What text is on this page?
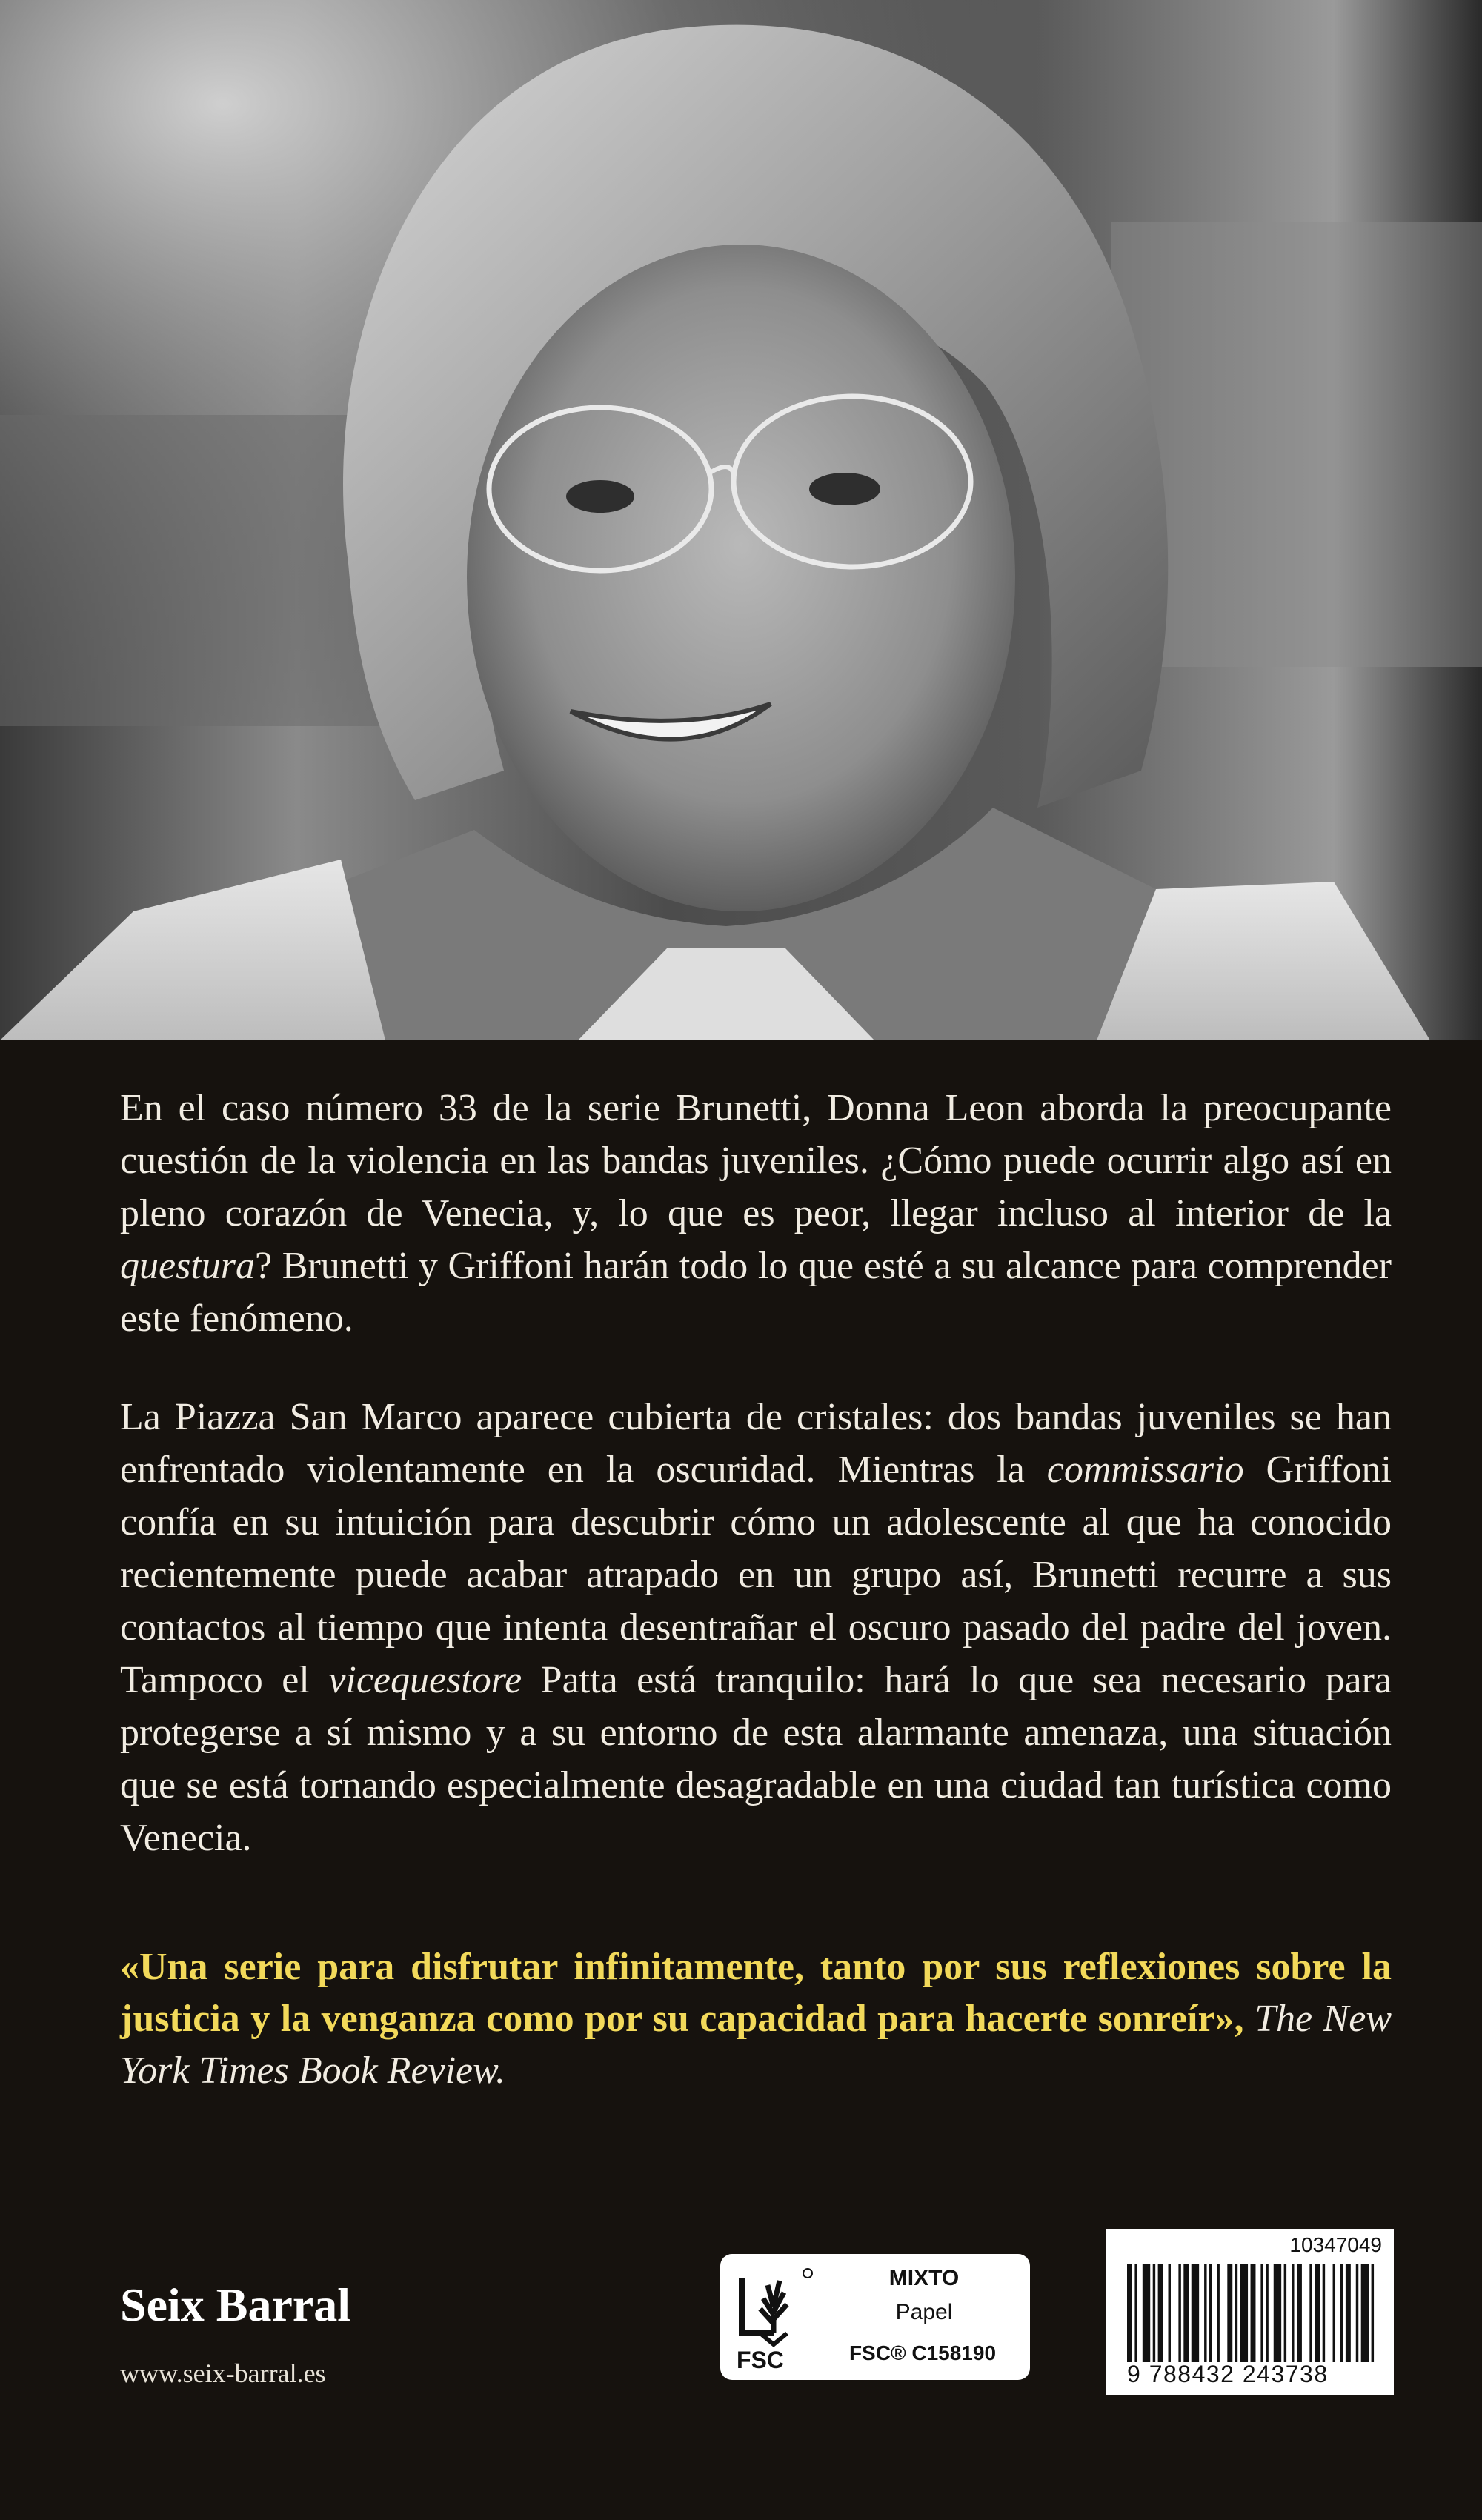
En el caso número 33 de la serie Brunetti, Donna Leon aborda la preocupante cuestión de la violencia en las bandas juveniles. ¿Cómo puede ocurrir algo así en pleno corazón de Venecia, y, lo que es peor, llegar incluso al interior de la questura? Brunetti y Griffoni harán todo lo que esté a su alcance para comprender este fenómeno.

La Piazza San Marco aparece cubierta de cristales: dos bandas juveniles se han enfrentado violentamente en la oscuridad. Mientras la commissario Griffoni confía en su intuición para descubrir cómo un adolescente al que ha conocido recientemente puede acabar atrapado en un grupo así, Brunetti recurre a sus contactos al tiempo que intenta desentrañar el oscuro pasado del padre del joven. Tampoco el vicequestore Patta está tranquilo: hará lo que sea necesario para protegerse a sí mismo y a su entorno de esta alarmante amenaza, una situación que se está tornando especialmente desagradable en una ciudad tan turística como Venecia.

«Una serie para disfrutar infinitamente, tanto por sus reflexiones sobre la justicia y la venganza como por su capacidad para hacerte sonreír», The New York Times Book Review.
Seix Barral
www.seix-barral.es	FSC
MIXTO
Papel
FSC® C158190
10347049
9 788432 243738
